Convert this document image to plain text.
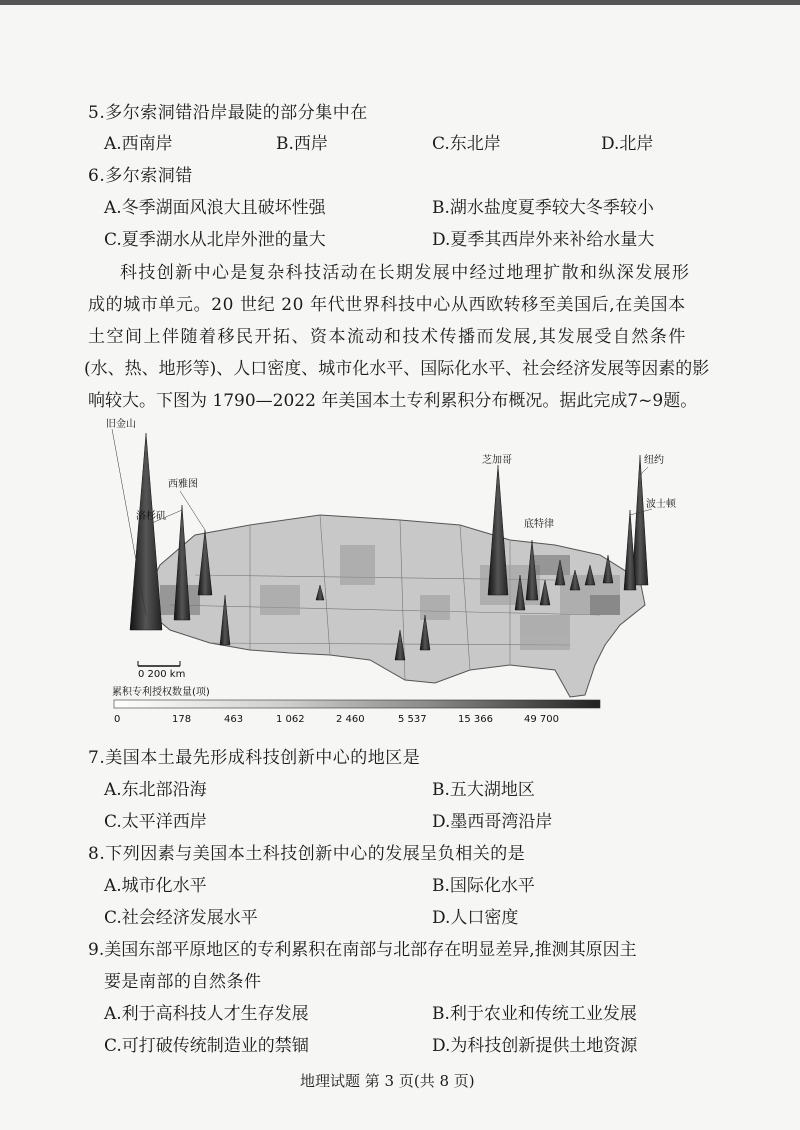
5.多尔索洞错沿岸最陡的部分集中在
A.西南岸	B.西岸	C.东北岸	D.北岸
6.多尔索洞错
A.冬季湖面风浪大且破坏性强	B.湖水盐度夏季较大冬季较小
C.夏季湖水从北岸外泄的量大	D.夏季其西岸外来补给水量大
科技创新中心是复杂科技活动在长期发展中经过地理扩散和纵深发展形
成的城市单元。20 世纪 20 年代世界科技中心从西欧转移至美国后,在美国本
土空间上伴随着移民开拓、资本流动和技术传播而发展,其发展受自然条件
(水、热、地形等)、人口密度、城市化水平、国际化水平、社会经济发展等因素的影
响较大。下图为 1790—2022 年美国本土专利累积分布概况。据此完成7~9题。
旧金山
西雅图
洛杉矶
芝加哥
底特律
纽约
波士顿
0 200 km
累积专利授权数量(项)
0	178	463	1 062	2 460	5 537	15 366	49 700
7.美国本土最先形成科技创新中心的地区是
A.东北部沿海	B.五大湖地区
C.太平洋西岸	D.墨西哥湾沿岸
8.下列因素与美国本土科技创新中心的发展呈负相关的是
A.城市化水平	B.国际化水平
C.社会经济发展水平	D.人口密度
9.美国东部平原地区的专利累积在南部与北部存在明显差异,推测其原因主
要是南部的自然条件
A.利于高科技人才生存发展	B.利于农业和传统工业发展
C.可打破传统制造业的禁锢	D.为科技创新提供土地资源
地理试题 第 3 页(共 8 页)
